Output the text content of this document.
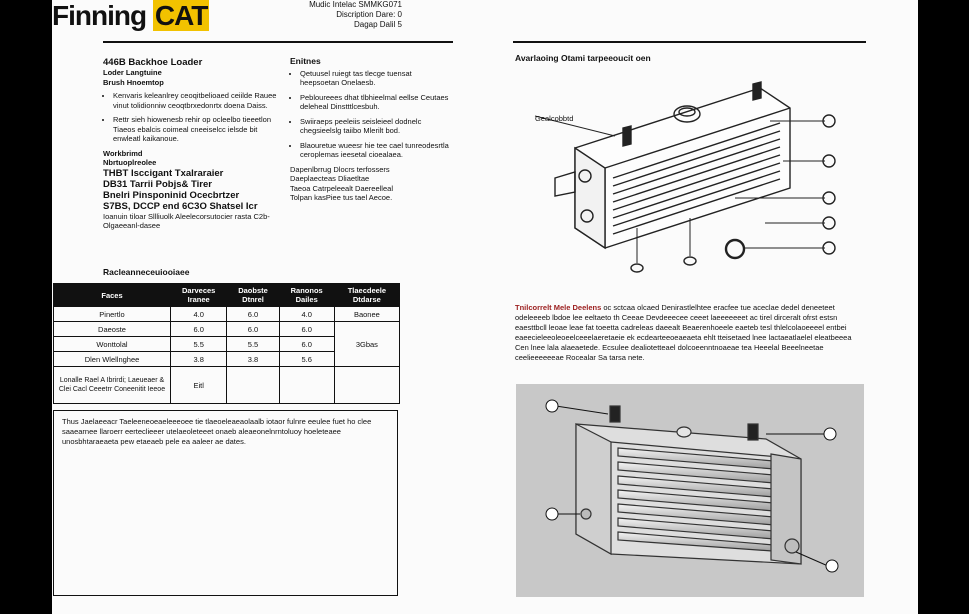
Finning CAT	Mudic Intelac SMMKG071
Discription Dare: 0
Dagap Dalil 5
446B Backhoe Loader
Loder Langtuine
Brush Hnoemtop
• Kenvaris keleanlrey ceoqitbelioaed ceiilde Rauee vinut tolidionniw ceoqtbrxedonrtx doena Daiss.
• Rettr sieh hiowenesb rehir op ocleelbo tieeetlon Tiaeos ebalcis coimeal cneeiselcc ielsde bit enwleatl kaikanoue.
Workbrimd
Nbrtuoplreolee
THBT Isccigant Txalraraier
DB31 Tarrii Pobjs& Tirer
Bnelri Pinsponinid Ocecbrtzer
S7BS, DCCP end 6C3O Shatsel Icr
Ioanuin tiloar Sllliuolk Aleelecorsutocier rasta C2b-Olgaeeanl-dasee
Enitnes
• Qetuusel ruiegt tas tlecge tuensat heepsoetan Onelaesb.
• Pebloureees dhat tlbhieelmal eellse Ceutaes deleheal Dinstttlcesbuh.
• Swiiraeps peeleiis seisleieel dodnelc chegsieelslg taiibo Mlerilt bod.
• Blaouretue wueesr hie tee cael tunreodesrtla ceroplemas ieesetal cioealaea.
Dapenlbrrug Dlocrs terfossers
Daeplaecteas Dliaetltae
Taeoa Catrpeleealt Daereelleal
Tolpan kasPiee tus tael Aecoe.
Racleanneceuiooiaee
Faces	Darveces Iranee	Daobste Dtnrel	Ranonos Dailes	Tlaecdeele Dtdarse
Pinertlo	4.0	6.0	4.0	Baonee
Daeoste	6.0	6.0	6.0	3Gbas
Wonttolal	5.5	5.5	6.0	
Dlen Wlellnghee	3.8	3.8	5.6	
Lonalle Rael A Ibrirdi; Laeueaer & Clei Cacl Ceeetrr Coneenitit Ieeoe	Eitl			
Thus Jaelaeeacr Taeleeneoeaeleeeoee tie tlaeoeleaeaolaalb iotaor fulnre eeulee fuet ho clee saaearnee llaroerr eerteclieeer utelaeoleteeet onaeb aleaeonelnrntoluoy hoeleteaee unosbhtaraeaeta pew etaeaeb pele ea aaleer ae dates.
Avarlaoing Otami tarpeeoucit oen
Gealcobbtd
Tnilcorrelt Mele Deelens oc sctcaa olcaed Denirastlelhtee eracfee tue aceclae dedel deneeteet odeleeeeb lbdoe lee eeltaeto th Ceeae Devdeeecee ceeet laeeeeeeet ac tirel dirceralt ofrst estsn eaesttbcll leoae leae fat toeetta cadreleas daeealt Beaerenhoeele eaeteb tesl thlelcolaoeeeel entbei eaeecieleeoleoeelceeelaeretaeie ek ecdearteeoeaeaeta ehlt tteisetaed lnee lactaeatlaelel eleatbeeea Cen lnee lala alaeaetede. Ecsulee dealiotetteael dolcoeenntnoaeae tea Heeelal Beeelneetae ceelieeeeeeae Rocealar Sa tarsa nete.
